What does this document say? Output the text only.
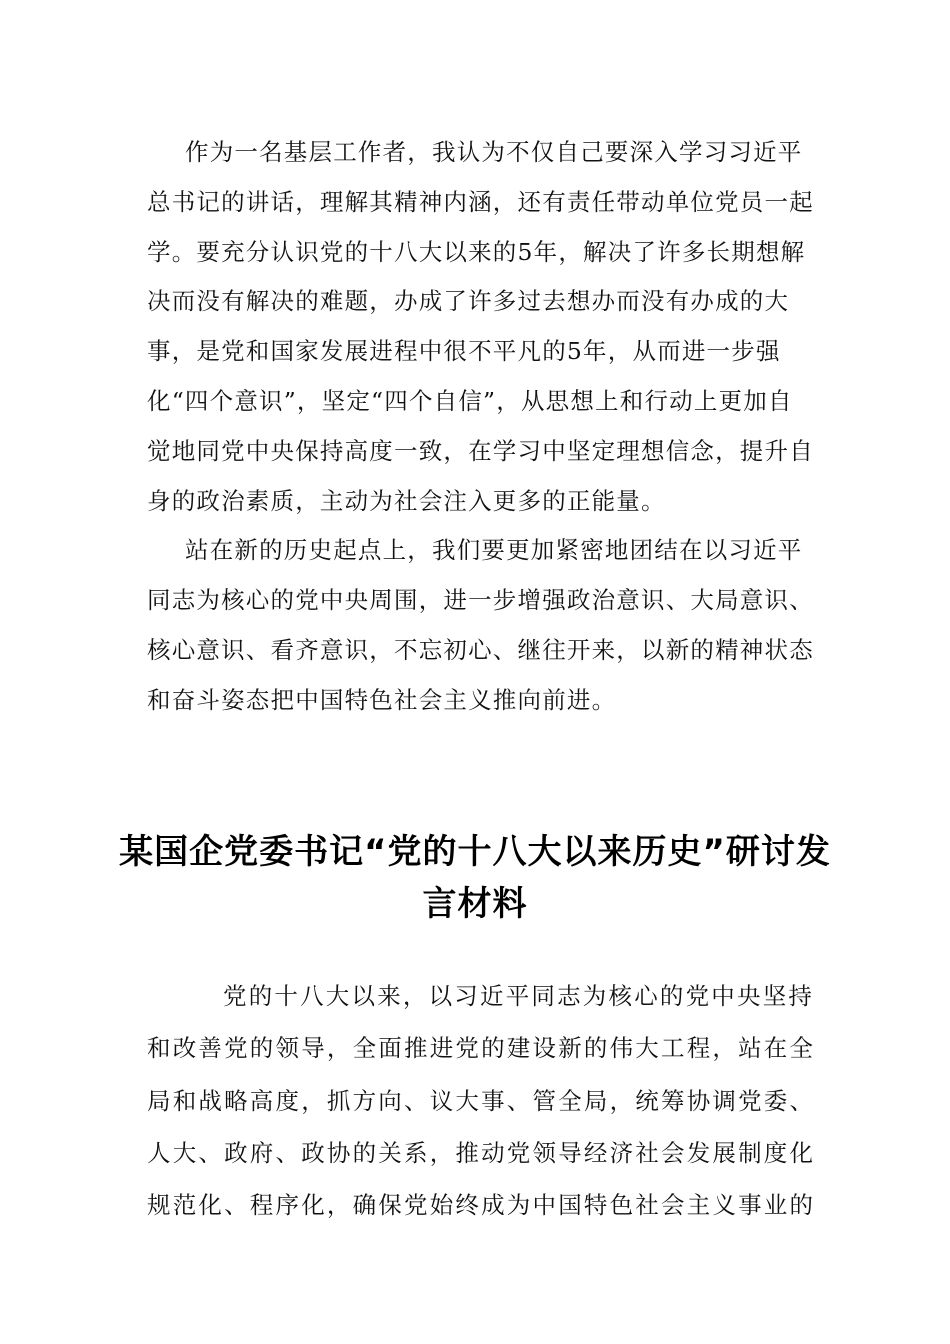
作为一名基层工作者，我认为不仅自己要深入学习习近平总书记的讲话，理解其精神内涵，还有责任带动单位党员一起学。要充分认识党的十八大以来的5年，解决了许多长期想解决而没有解决的难题，办成了许多过去想办而没有办成的大事，是党和国家发展进程中很不平凡的5年，从而进一步强化“四个意识”，坚定“四个自信”，从思想上和行动上更加自觉地同党中央保持高度一致，在学习中坚定理想信念，提升自身的政治素质，主动为社会注入更多的正能量。

站在新的历史起点上，我们要更加紧密地团结在以习近平同志为核心的党中央周围，进一步增强政治意识、大局意识、核心意识、看齐意识，不忘初心、继往开来，以新的精神状态和奋斗姿态把中国特色社会主义推向前进。

某国企党委书记“党的十八大以来历史”研讨发言材料

党的十八大以来，以习近平同志为核心的党中央坚持和改善党的领导，全面推进党的建设新的伟大工程，站在全局和战略高度，抓方向、议大事、管全局，统筹协调党委、人大、政府、政协的关系，推动党领导经济社会发展制度化规范化、程序化，确保党始终成为中国特色社会主义事业的
